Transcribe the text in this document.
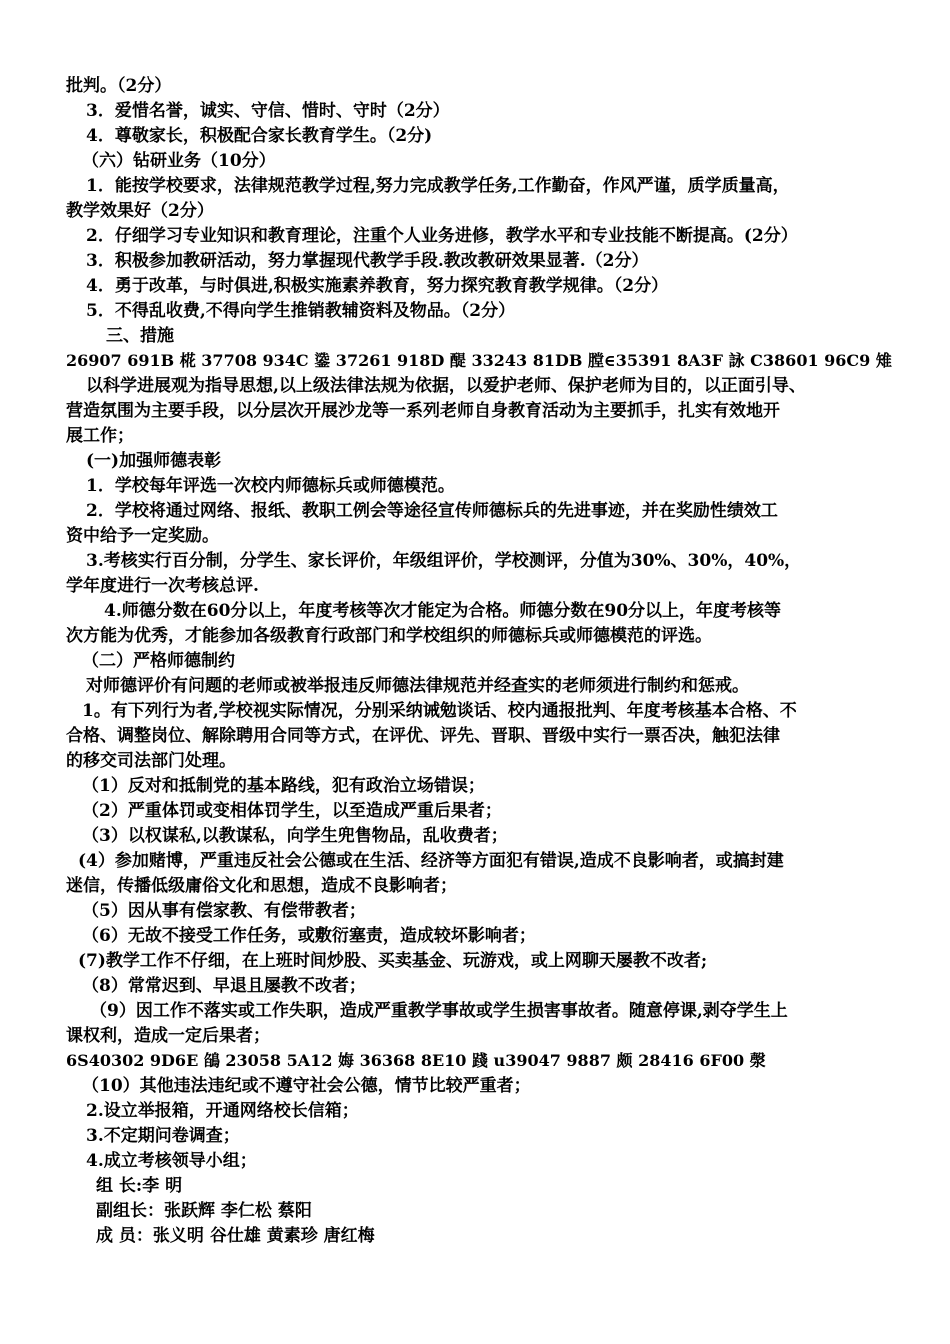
批判。（2分）
3．爱惜名誉，诚实、守信、惜时、守时（2分）
4．尊敬家长，积极配合家长教育学生。（2分)
（六）钻研业务（10分）
1．能按学校要求，法律规范教学过程,努力完成教学任务,工作勤奋，作风严谨，质学质量高，
教学效果好（2分）
2．仔细学习专业知识和教育理论，注重个人业务进修，教学水平和专业技能不断提高。(2分）
3．积极参加教研活动，努力掌握现代教学手段.教改教研效果显著.（2分）
4．勇于改革，与时俱进,积极实施素养教育，努力探究教育教学规律。（2分）
5．不得乱收费,不得向学生推销教辅资料及物品。（2分）
三、措施
26907 691B 椛 37708 934C 鍌 37261 918D 醍 33243 81DB 膛∈35391 8A3F 詠 C38601 96C9 雉
以科学进展观为指导思想,以上级法律法规为依据，以爱护老师、保护老师为目的，以正面引导、
营造氛围为主要手段，以分层次开展沙龙等一系列老师自身教育活动为主要抓手，扎实有效地开
展工作；
(一)加强师德表彰
1．学校每年评选一次校内师德标兵或师德模范。
2．学校将通过网络、报纸、教职工例会等途径宣传师德标兵的先进事迹，并在奖励性绩效工
资中给予一定奖励。
3.考核实行百分制，分学生、家长评价，年级组评价，学校测评，分值为30%、30%，40%，
学年度进行一次考核总评.
4.师德分数在60分以上，年度考核等次才能定为合格。师德分数在90分以上，年度考核等
次方能为优秀，才能参加各级教育行政部门和学校组织的师德标兵或师德模范的评选。
（二）严格师德制约
对师德评价有问题的老师或被举报违反师德法律规范并经查实的老师须进行制约和惩戒。
1。有下列行为者,学校视实际情况，分别采纳诫勉谈话、校内通报批判、年度考核基本合格、不
合格、调整岗位、解除聘用合同等方式，在评优、评先、晋职、晋级中实行一票否决，触犯法律
的移交司法部门处理。
（1）反对和抵制党的基本路线，犯有政治立场错误；
（2）严重体罚或变相体罚学生，以至造成严重后果者；
（3）以权谋私,以教谋私，向学生兜售物品，乱收费者；
(4）参加赌博，严重违反社会公德或在生活、经济等方面犯有错误,造成不良影响者，或搞封建
迷信，传播低级庸俗文化和思想，造成不良影响者；
（5）因从事有偿家教、有偿带教者；
（6）无故不接受工作任务，或敷衍塞责，造成较坏影响者；
(7)教学工作不仔细，在上班时间炒股、买卖基金、玩游戏，或上网聊天屡教不改者;
（8）常常迟到、早退且屡教不改者；
（9）因工作不落实或工作失职，造成严重教学事故或学生损害事故者。随意停课,剥夺学生上
课权利，造成一定后果者；
6S40302 9D6E 鵮 23058 5A12 娒 36368 8E10 踐 u39047 9887 颇 28416 6F00 漀
（10）其他违法违纪或不遵守社会公德，情节比较严重者；
2.设立举报箱，开通网络校长信箱；
3.不定期问卷调查；
4.成立考核领导小组；
组 长:李 明
副组长：张跃辉 李仁松 蔡阳
成 员：张义明 谷仕雄 黄素珍 唐红梅
